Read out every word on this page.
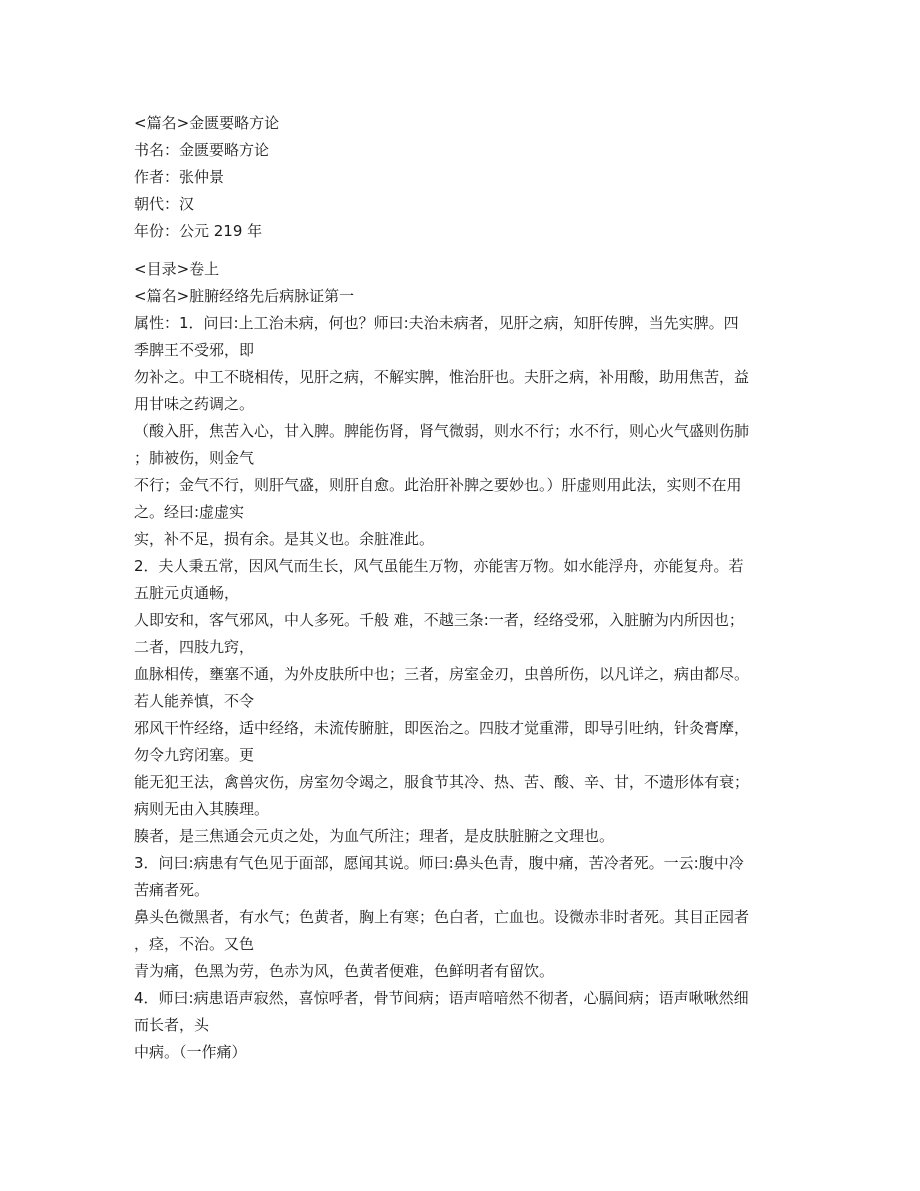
<篇名>金匮要略方论
书名：金匮要略方论
作者：张仲景
朝代：汉
年份：公元 219 年
<目录>卷上
<篇名>脏腑经络先后病脉证第一
属性：1．问曰:上工治未病，何也？师曰:夫治未病者，见肝之病，知肝传脾，当先实脾。四
季脾王不受邪，即
勿补之。中工不晓相传，见肝之病，不解实脾，惟治肝也。夫肝之病，补用酸，助用焦苦，益
用甘味之药调之。
（酸入肝，焦苦入心，甘入脾。脾能伤肾，肾气微弱，则水不行；水不行，则心火气盛则伤肺
；肺被伤，则金气
不行；金气不行，则肝气盛，则肝自愈。此治肝补脾之要妙也。）肝虚则用此法，实则不在用
之。经曰:虚虚实
实，补不足，损有余。是其义也。余脏准此。
2．夫人秉五常，因风气而生长，风气虽能生万物，亦能害万物。如水能浮舟，亦能复舟。若
五脏元贞通畅，
人即安和，客气邪风，中人多死。千般 难，不越三条:一者，经络受邪，入脏腑为内所因也；
二者，四肢九窍，
血脉相传，壅塞不通，为外皮肤所中也；三者，房室金刃，虫兽所伤，以凡详之，病由都尽。
若人能养慎，不令
邪风干忤经络，适中经络，未流传腑脏，即医治之。四肢才觉重滞，即导引吐纳，针灸膏摩，
勿令九窍闭塞。更
能无犯王法，禽兽灾伤，房室勿令竭之，服食节其冷、热、苦、酸、辛、甘，不遗形体有衰；
病则无由入其腠理。
腠者，是三焦通会元贞之处，为血气所注；理者，是皮肤脏腑之文理也。
3．问曰:病患有气色见于面部，愿闻其说。师曰:鼻头色青，腹中痛，苦冷者死。一云:腹中冷
苦痛者死。
鼻头色微黑者，有水气；色黄者，胸上有寒；色白者，亡血也。设微赤非时者死。其目正园者
，痉，不治。又色
青为痛，色黑为劳，色赤为风，色黄者便难，色鲜明者有留饮。
4．师曰:病患语声寂然，喜惊呼者，骨节间病；语声喑喑然不彻者，心膈间病；语声啾啾然细
而长者，头
中病。（一作痛）
